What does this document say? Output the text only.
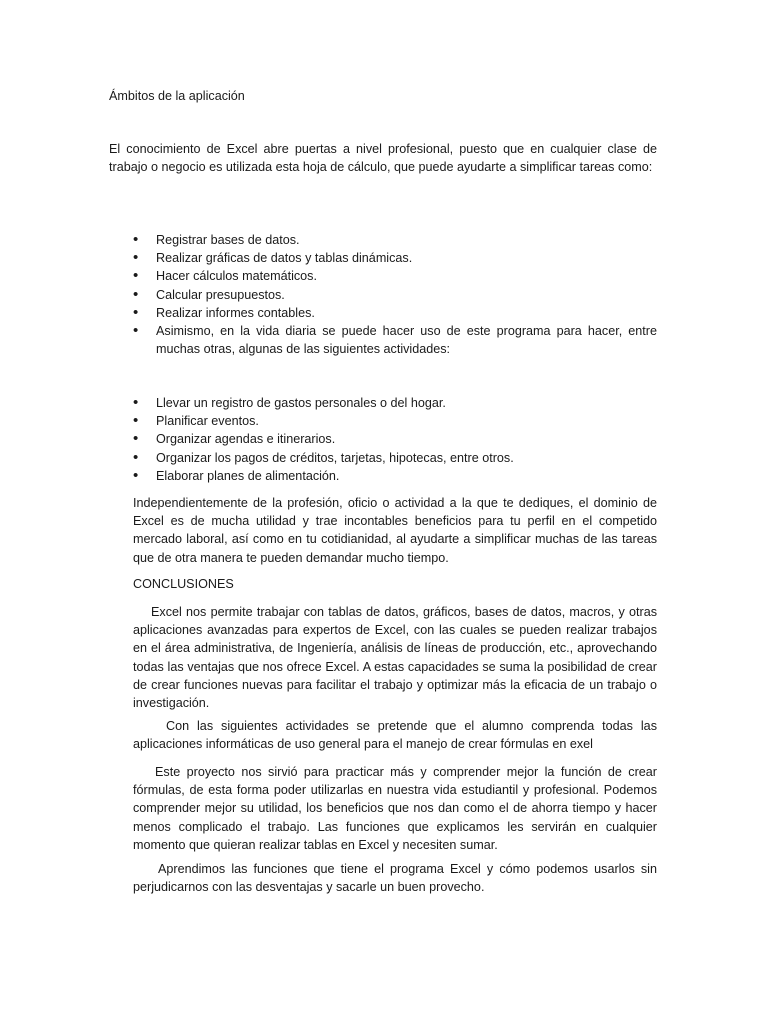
Ámbitos de la aplicación

El conocimiento de Excel abre puertas a nivel profesional, puesto que en cualquier clase de trabajo o negocio es utilizada esta hoja de cálculo, que puede ayudarte a simplificar tareas como:

• Registrar bases de datos.
• Realizar gráficas de datos y tablas dinámicas.
• Hacer cálculos matemáticos.
• Calcular presupuestos.
• Realizar informes contables.
• Asimismo, en la vida diaria se puede hacer uso de este programa para hacer, entre muchas otras, algunas de las siguientes actividades:
• Llevar un registro de gastos personales o del hogar.
• Planificar eventos.
• Organizar agendas e itinerarios.
• Organizar los pagos de créditos, tarjetas, hipotecas, entre otros.
• Elaborar planes de alimentación.

Independientemente de la profesión, oficio o actividad a la que te dediques, el dominio de Excel es de mucha utilidad y trae incontables beneficios para tu perfil en el competido mercado laboral, así como en tu cotidianidad, al ayudarte a simplificar muchas de las tareas que de otra manera te pueden demandar mucho tiempo.

CONCLUSIONES

Excel nos permite trabajar con tablas de datos, gráficos, bases de datos, macros, y otras aplicaciones avanzadas para expertos de Excel, con las cuales se pueden realizar trabajos en el área administrativa, de Ingeniería, análisis de líneas de producción, etc., aprovechando todas las ventajas que nos ofrece Excel. A estas capacidades se suma la posibilidad de crear de crear funciones nuevas para facilitar el trabajo y optimizar más la eficacia de un trabajo o investigación.

Con las siguientes actividades se pretende que el alumno comprenda todas las aplicaciones informáticas de uso general para el manejo de crear fórmulas en exel

Este proyecto nos sirvió para practicar más y comprender mejor la función de crear fórmulas, de esta forma poder utilizarlas en nuestra vida estudiantil y profesional. Podemos comprender mejor su utilidad, los beneficios que nos dan como el de ahorra tiempo y hacer menos complicado el trabajo. Las funciones que explicamos les servirán en cualquier momento que quieran realizar tablas en Excel y necesiten sumar.

Aprendimos las funciones que tiene el programa Excel y cómo podemos usarlos sin perjudicarnos con las desventajas y sacarle un buen provecho.
